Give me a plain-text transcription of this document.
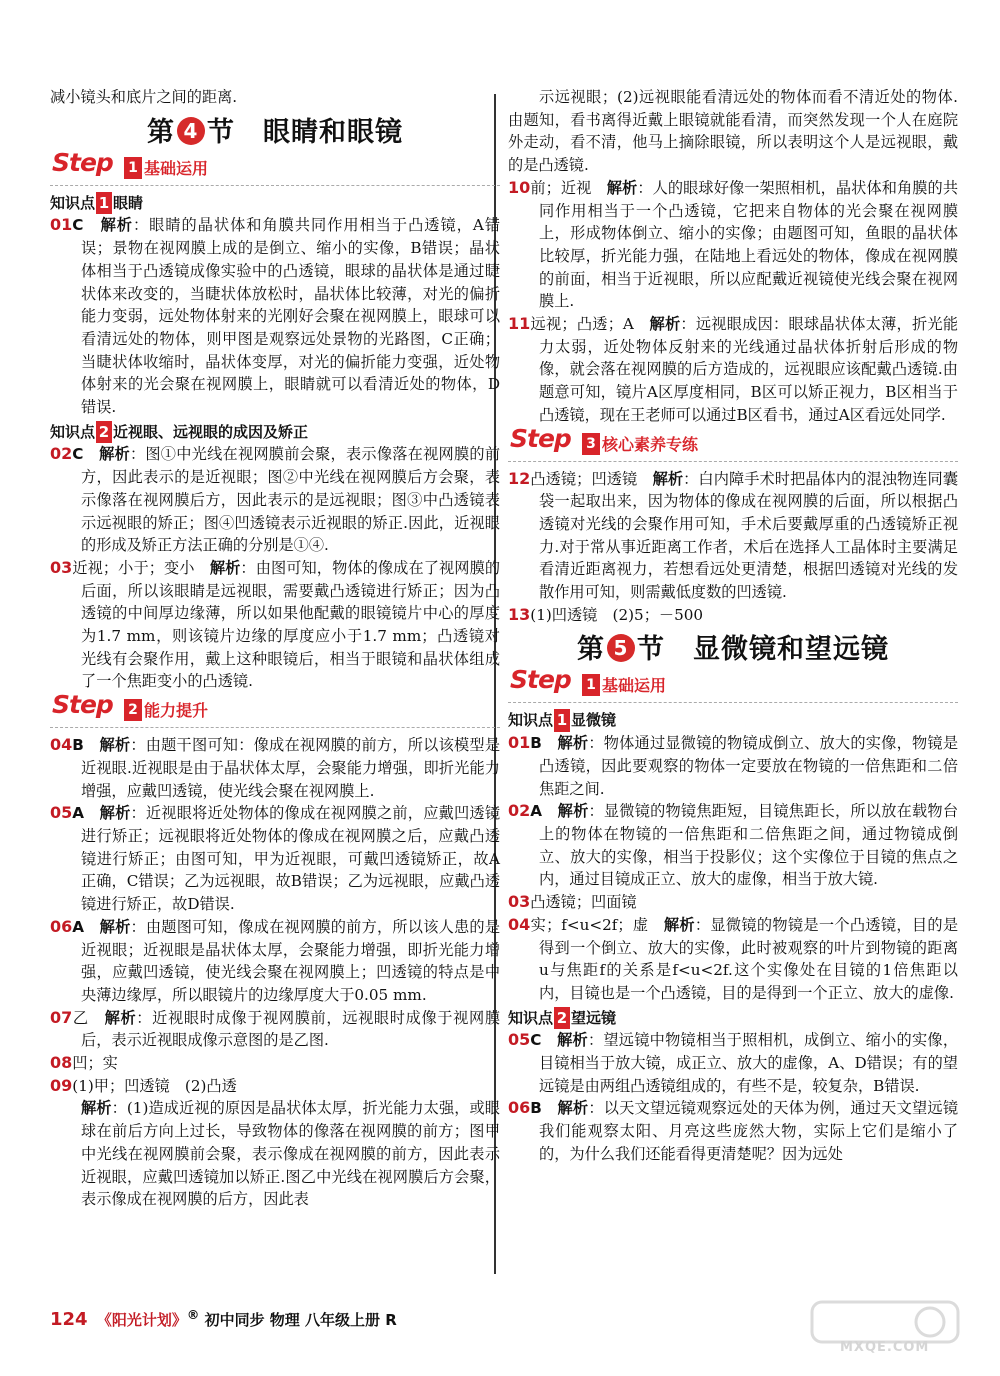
减小镜头和底片之间的距离.

第 4 节 眼睛和眼镜
Step 1 基础运用
知识点 1 眼睛

01C　 解析：眼睛的晶状体和角膜共同作用相当于凸透镜，A错误；景物在视网膜上成的是倒立、缩小的实像，B错误；晶状体相当于凸透镜成像实验中的凸透镜，眼球的晶状体是通过睫状体来改变的，当睫状体放松时，晶状体比较薄，对光的偏折能力变弱，远处物体射来的光刚好会聚在视网膜上，眼球可以看清远处的物体，则甲图是观察远处景物的光路图，C正确；当睫状体收缩时，晶状体变厚，对光的偏折能力变强，近处物体射来的光会聚在视网膜上，眼睛就可以看清近处的物体，D错误.

知识点 2 近视眼、远视眼的成因及矫正

02C　 解析：图①中光线在视网膜前会聚，表示像落在视网膜的前方，因此表示的是近视眼；图②中光线在视网膜后方会聚，表示像落在视网膜后方，因此表示的是远视眼；图③中凸透镜表示远视眼的矫正；图④凹透镜表示近视眼的矫正.因此，近视眼的形成及矫正方法正确的分别是①④.

03近视；小于；变小　 解析：由图可知，物体的像成在了视网膜的后面，所以该眼睛是远视眼，需要戴凸透镜进行矫正；因为凸透镜的中间厚边缘薄，所以如果他配戴的眼镜镜片中心的厚度为1.7 mm，则该镜片边缘的厚度应小于1.7 mm；凸透镜对光线有会聚作用，戴上这种眼镜后，相当于眼镜和晶状体组成了一个焦距变小的凸透镜.

Step 2 能力提升

04B　 解析：由题干图可知：像成在视网膜的前方，所以该模型是近视眼.近视眼是由于晶状体太厚，会聚能力增强，即折光能力增强，应戴凹透镜，使光线会聚在视网膜上.

05A　 解析：近视眼将近处物体的像成在视网膜之前，应戴凹透镜进行矫正；远视眼将近处物体的像成在视网膜之后，应戴凸透镜进行矫正；由图可知，甲为近视眼，可戴凹透镜矫正，故A正确，C错误；乙为远视眼，故B错误；乙为远视眼，应戴凸透镜进行矫正，故D错误.

06A　 解析：由题图可知，像成在视网膜的前方，所以该人患的是近视眼；近视眼是晶状体太厚，会聚能力增强，即折光能力增强，应戴凹透镜，使光线会聚在视网膜上；凹透镜的特点是中央薄边缘厚，所以眼镜片的边缘厚度大于0.05 mm.

07乙　 解析：近视眼时成像于视网膜前，远视眼时成像于视网膜后，表示近视眼成像示意图的是乙图.

08凹；实

09(1)甲；凹透镜　(2)凸透
解析：(1)造成近视的原因是晶状体太厚，折光能力太强，或眼球在前后方向上过长，导致物体的像落在视网膜的前方；图甲中光线在视网膜前会聚，表示像成在视网膜的前方，因此表示近视眼，应戴凹透镜加以矫正.图乙中光线在视网膜后方会聚，表示像成在视网膜的后方，因此表

示远视眼；(2)远视眼能看清远处的物体而看不清近处的物体.由题知，看书离得近戴上眼镜就能看清，而突然发现一个人在庭院外走动，看不清，他马上摘除眼镜，所以表明这个人是远视眼，戴的是凸透镜.

10前；近视　 解析：人的眼球好像一架照相机，晶状体和角膜的共同作用相当于一个凸透镜，它把来自物体的光会聚在视网膜上，形成物体倒立、缩小的实像；由题图可知，鱼眼的晶状体比较厚，折光能力强，在陆地上看远处的物体，像成在视网膜的前面，相当于近视眼，所以应配戴近视镜使光线会聚在视网膜上.

11远视；凸透；A　 解析：远视眼成因：眼球晶状体太薄，折光能力太弱，近处物体反射来的光线通过晶状体折射后形成的物像，就会落在视网膜的后方造成的，远视眼应该配戴凸透镜.由题意可知，镜片A区厚度相同，B区可以矫正视力，B区相当于凸透镜，现在王老师可以通过B区看书，通过A区看远处同学.

Step 3 核心素养专练

12凸透镜；凹透镜　 解析：白内障手术时把晶体内的混浊物连同囊袋一起取出来，因为物体的像成在视网膜的后面，所以根据凸透镜对光线的会聚作用可知，手术后要戴厚重的凸透镜矫正视力.对于常从事近距离工作者，术后在选择人工晶体时主要满足看清近距离视力，若想看远处更清楚，根据凹透镜对光线的发散作用可知，则需戴低度数的凹透镜.

13(1)凹透镜　(2)5；－500

第 5 节 显微镜和望远镜
Step 1 基础运用
知识点 1 显微镜

01B　 解析：物体通过显微镜的物镜成倒立、放大的实像，物镜是凸透镜，因此要观察的物体一定要放在物镜的一倍焦距和二倍焦距之间.

02A　 解析：显微镜的物镜焦距短，目镜焦距长，所以放在载物台上的物体在物镜的一倍焦距和二倍焦距之间，通过物镜成倒立、放大的实像，相当于投影仪；这个实像位于目镜的焦点之内，通过目镜成正立、放大的虚像，相当于放大镜.

03凸透镜；凹面镜

04实；f<u<2f；虚　 解析：显微镜的物镜是一个凸透镜，目的是得到一个倒立、放大的实像，此时被观察的叶片到物镜的距离u与焦距f的关系是f<u<2f.这个实像处在目镜的1倍焦距以内，目镜也是一个凸透镜，目的是得到一个正立、放大的虚像.

知识点 2 望远镜

05C　 解析：望远镜中物镜相当于照相机，成倒立、缩小的实像，目镜相当于放大镜，成正立、放大的虚像，A、D错误；有的望远镜是由两组凸透镜组成的，有些不是，较复杂，B错误.

06B　 解析：以天文望远镜观察远处的天体为例，通过天文望远镜我们能观察太阳、月亮这些庞然大物，实际上它们是缩小了的，为什么我们还能看得更清楚呢？因为远处

124 《阳光计划》® 初中同步 物理 八年级上册 R
MXQE.COM
